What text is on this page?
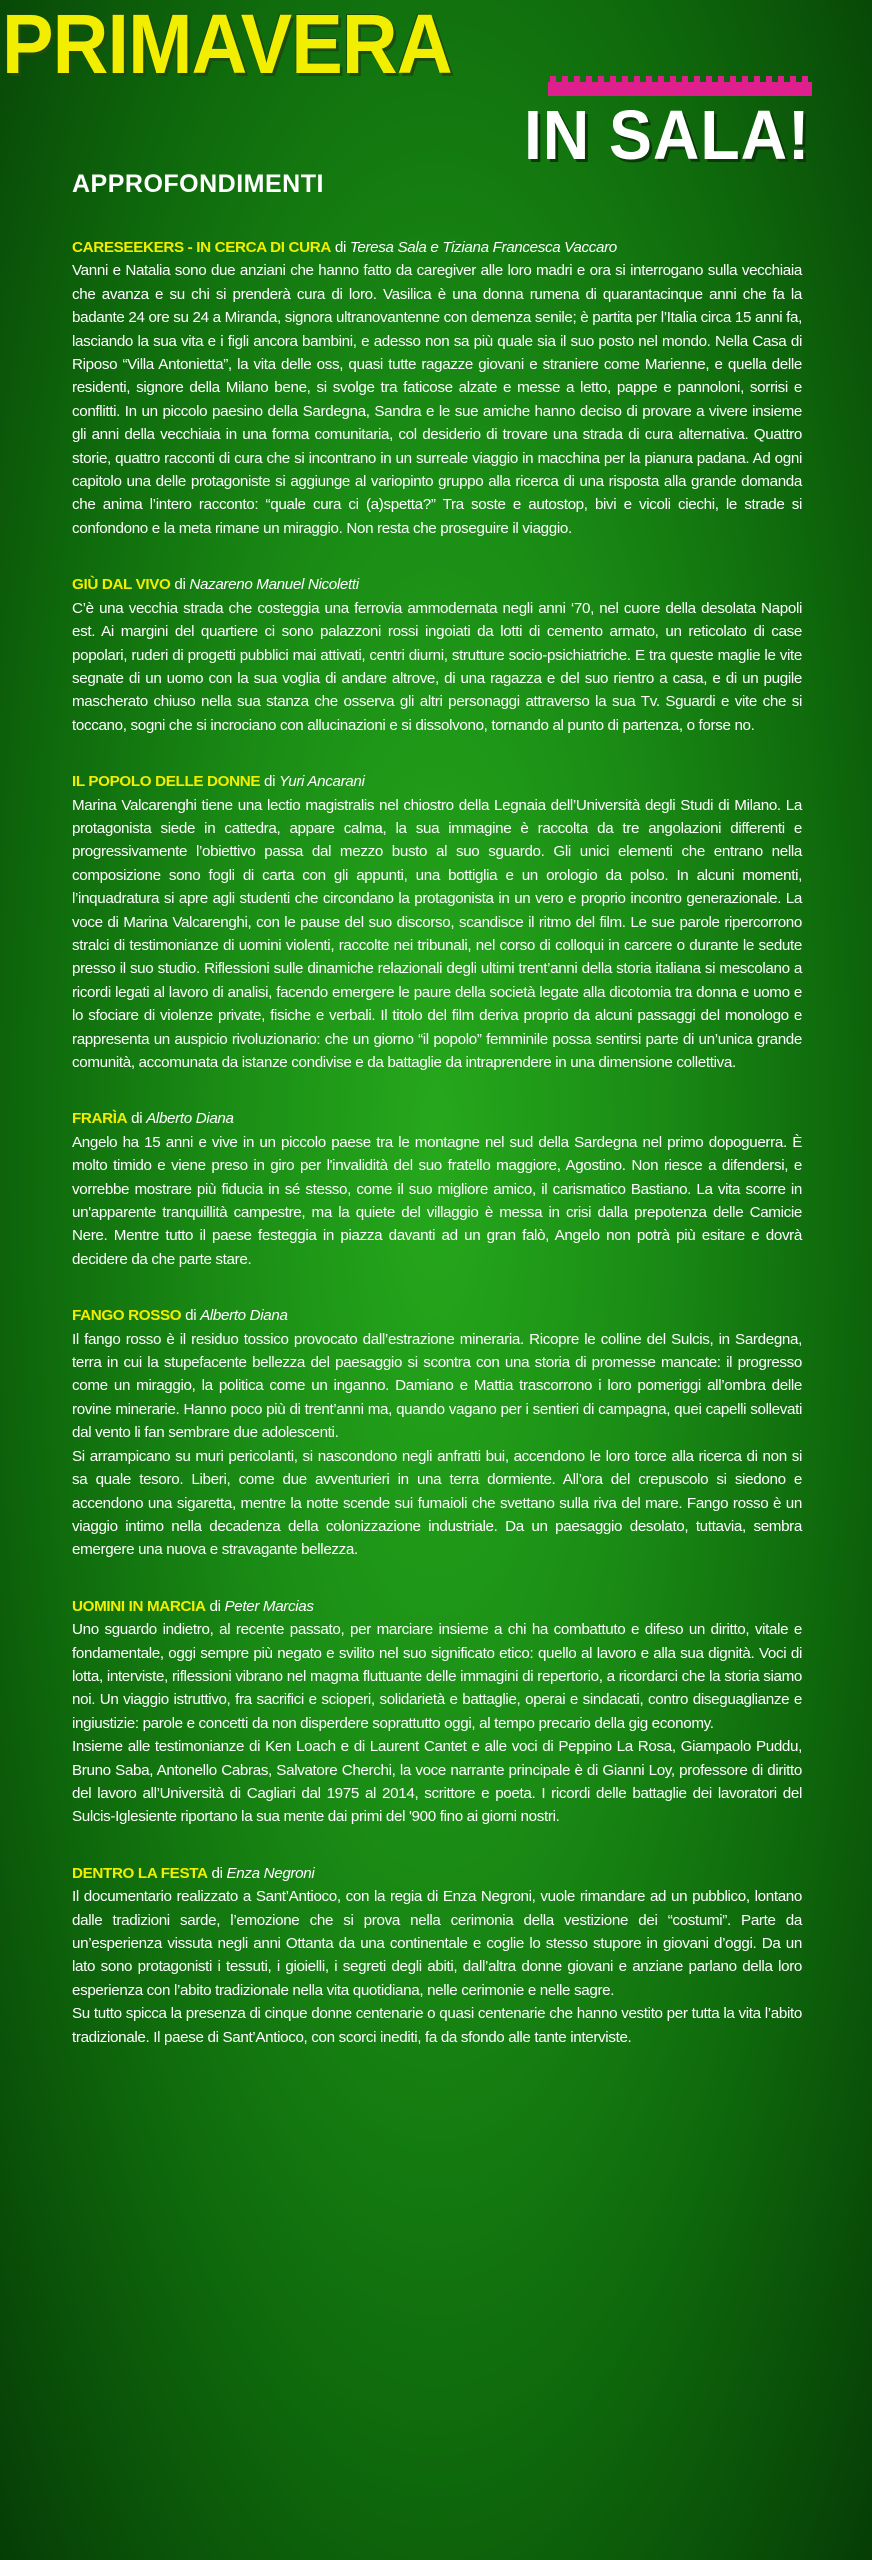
PRIMAVERA
IN SALA!
APPROFONDIMENTI

CARESEEKERS - IN CERCA DI CURA di Teresa Sala e Tiziana Francesca Vaccaro

Vanni e Natalia sono due anziani che hanno fatto da caregiver alle loro madri e ora si interrogano sulla vecchiaia che avanza e su chi si prenderà cura di loro. Vasilica è una donna rumena di quarantacinque anni che fa la badante 24 ore su 24 a Miranda, signora ultranovantenne con demenza senile; è partita per l’Italia circa 15 anni fa, lasciando la sua vita e i figli ancora bambini, e adesso non sa più quale sia il suo posto nel mondo. Nella Casa di Riposo “Villa Antonietta”, la vita delle oss, quasi tutte ragazze giovani e straniere come Marienne, e quella delle residenti, signore della Milano bene, si svolge tra faticose alzate e messe a letto, pappe e pannoloni, sorrisi e conflitti. In un piccolo paesino della Sardegna, Sandra e le sue amiche hanno deciso di provare a vivere insieme gli anni della vecchiaia in una forma comunitaria, col desiderio di trovare una strada di cura alternativa. Quattro storie, quattro racconti di cura che si incontrano in un surreale viaggio in macchina per la pianura padana. Ad ogni capitolo una delle protagoniste si aggiunge al variopinto gruppo alla ricerca di una risposta alla grande domanda che anima l’intero racconto: “quale cura ci (a)spetta?” Tra soste e autostop, bivi e vicoli ciechi, le strade si confondono e la meta rimane un miraggio. Non resta che proseguire il viaggio.

GIÙ DAL VIVO di Nazareno Manuel Nicoletti

C’è una vecchia strada che costeggia una ferrovia ammodernata negli anni ‘70, nel cuore della desolata Napoli est. Ai margini del quartiere ci sono palazzoni rossi ingoiati da lotti di cemento armato, un reticolato di case popolari, ruderi di progetti pubblici mai attivati, centri diurni, strutture socio-psichiatriche. E tra queste maglie le vite segnate di un uomo con la sua voglia di andare altrove, di una ragazza e del suo rientro a casa, e di un pugile mascherato chiuso nella sua stanza che osserva gli altri personaggi attraverso la sua Tv. Sguardi e vite che si toccano, sogni che si incrociano con allucinazioni e si dissolvono, tornando al punto di partenza, o forse no.

IL POPOLO DELLE DONNE di Yuri Ancarani

Marina Valcarenghi tiene una lectio magistralis nel chiostro della Legnaia dell’Università degli Studi di Milano. La protagonista siede in cattedra, appare calma, la sua immagine è raccolta da tre angolazioni differenti e progressivamente l’obiettivo passa dal mezzo busto al suo sguardo. Gli unici elementi che entrano nella composizione sono fogli di carta con gli appunti, una bottiglia e un orologio da polso. In alcuni momenti, l’inquadratura si apre agli studenti che circondano la protagonista in un vero e proprio incontro generazionale. La voce di Marina Valcarenghi, con le pause del suo discorso, scandisce il ritmo del film. Le sue parole ripercorrono stralci di testimonianze di uomini violenti, raccolte nei tribunali, nel corso di colloqui in carcere o durante le sedute presso il suo studio. Riflessioni sulle dinamiche relazionali degli ultimi trent’anni della storia italiana si mescolano a ricordi legati al lavoro di analisi, facendo emergere le paure della società legate alla dicotomia tra donna e uomo e lo sfociare di violenze private, fisiche e verbali. Il titolo del film deriva proprio da alcuni passaggi del monologo e rappresenta un auspicio rivoluzionario: che un giorno “il popolo” femminile possa sentirsi parte di un’unica grande comunità, accomunata da istanze condivise e da battaglie da intraprendere in una dimensione collettiva.

FRARÌA di Alberto Diana

Angelo ha 15 anni e vive in un piccolo paese tra le montagne nel sud della Sardegna nel primo dopoguerra. È molto timido e viene preso in giro per l'invalidità del suo fratello maggiore, Agostino. Non riesce a difendersi, e vorrebbe mostrare più fiducia in sé stesso, come il suo migliore amico, il carismatico Bastiano. La vita scorre in un'apparente tranquillità campestre, ma la quiete del villaggio è messa in crisi dalla prepotenza delle Camicie Nere. Mentre tutto il paese festeggia in piazza davanti ad un gran falò, Angelo non potrà più esitare e dovrà decidere da che parte stare.

FANGO ROSSO di Alberto Diana

Il fango rosso è il residuo tossico provocato dall’estrazione mineraria. Ricopre le colline del Sulcis, in Sardegna, terra in cui la stupefacente bellezza del paesaggio si scontra con una storia di promesse mancate: il progresso come un miraggio, la politica come un inganno. Damiano e Mattia trascorrono i loro pomeriggi all’ombra delle rovine minerarie. Hanno poco più di trent’anni ma, quando vagano per i sentieri di campagna, quei capelli sollevati dal vento li fan sembrare due adolescenti.

Si arrampicano su muri pericolanti, si nascondono negli anfratti bui, accendono le loro torce alla ricerca di non si sa quale tesoro. Liberi, come due avventurieri in una terra dormiente. All’ora del crepuscolo si siedono e accendono una sigaretta, mentre la notte scende sui fumaioli che svettano sulla riva del mare. Fango rosso è un viaggio intimo nella decadenza della colonizzazione industriale. Da un paesaggio desolato, tuttavia, sembra emergere una nuova e stravagante bellezza.

UOMINI IN MARCIA di Peter Marcias

Uno sguardo indietro, al recente passato, per marciare insieme a chi ha combattuto e difeso un diritto, vitale e fondamentale, oggi sempre più negato e svilito nel suo significato etico: quello al lavoro e alla sua dignità. Voci di lotta, interviste, riflessioni vibrano nel magma fluttuante delle immagini di repertorio, a ricordarci che la storia siamo noi. Un viaggio istruttivo, fra sacrifici e scioperi, solidarietà e battaglie, operai e sindacati, contro diseguaglianze e ingiustizie: parole e concetti da non disperdere soprattutto oggi, al tempo precario della gig economy.

Insieme alle testimonianze di Ken Loach e di Laurent Cantet e alle voci di Peppino La Rosa, Giampaolo Puddu, Bruno Saba, Antonello Cabras, Salvatore Cherchi, la voce narrante principale è di Gianni Loy, professore di diritto del lavoro all’Università di Cagliari dal 1975 al 2014, scrittore e poeta. I ricordi delle battaglie dei lavoratori del Sulcis-Iglesiente riportano la sua mente dai primi del '900 fino ai giorni nostri.

DENTRO LA FESTA di Enza Negroni

Il documentario realizzato a Sant’Antioco, con la regia di Enza Negroni, vuole rimandare ad un pubblico, lontano dalle tradizioni sarde, l’emozione che si prova nella cerimonia della vestizione dei “costumi”. Parte da un’esperienza vissuta negli anni Ottanta da una continentale e coglie lo stesso stupore in giovani d’oggi. Da un lato sono protagonisti i tessuti, i gioielli, i segreti degli abiti, dall’altra donne giovani e anziane parlano della loro esperienza con l’abito tradizionale nella vita quotidiana, nelle cerimonie e nelle sagre.

Su tutto spicca la presenza di cinque donne centenarie o quasi centenarie che hanno vestito per tutta la vita l’abito tradizionale. Il paese di Sant’Antioco, con scorci inediti, fa da sfondo alle tante interviste.
